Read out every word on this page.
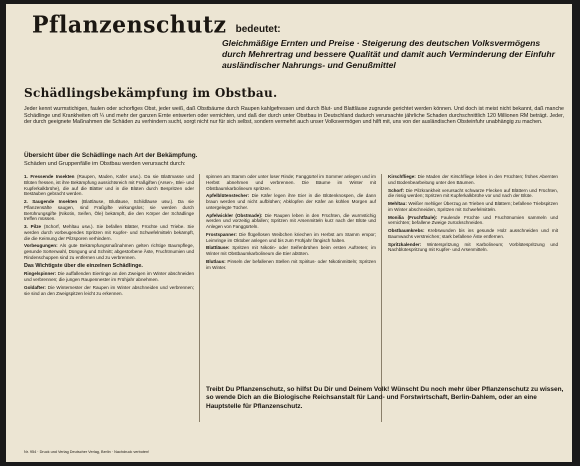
Pflanzenschutz bedeutet:
Gleichmäßige Ernten und Preise · Steigerung des deutschen Volksvermögens durch Mehrertrag und bessere Qualität und damit auch Verminderung der Einfuhr ausländischer Nahrungs- und Genußmittel
Schädlingsbekämpfung im Obstbau.
Jeder kennt wurmstichigen, faulen oder schorfiges Obst, jeder weiß, daß Obstbäume durch Raupen kahlgefressen und durch Blut- und Blattläuse zugrunde gerichtet werden können. Und doch ist meist nicht bekannt, daß manche Schädlinge und Krankheiten oft ¼ und mehr der ganzen Ernte entwerten oder vernichten, und daß der durch unter Obstbau in Deutschland dadurch verursachte jährliche Schaden durchschnittlich 120 Millionen RM beträgt. Jeder, der durch geeignete Maßnahmen die Schäden zu verhindern sucht, sorgt nicht nur für sich selbst, sondern vermehrt auch unser Volksvermögen und hilft mit, uns von der ausländischen Obsteinfuhr unabhängig zu machen.
Übersicht über die Schädlinge nach Art der Bekämpfung.
Schäden und Gruppenfälle im Obstbau werden verursacht durch:

1. Fressende Insekten (Raupen, Maden, Käfer usw.). Da sie Blattmasse und Blüten fressen, ist ihre Bekämpfung aussichtsreich mit Fraßgiften (Arsen-, Blei- und Kupferkalkbrühe), die auf die Blätter und in die Blüten durch Bespritzen oder Bestäuben gebracht werden.

2. Saugende Insekten (Blattläuse, Blutläuse, Schildläuse usw.). Da sie Pflanzensäfte saugen, sind Fraßgifte wirkungslos; sie werden durch Berührungsgifte (Nikotin, Seifen, Öle) bekämpft, die den Körper der Schädlinge treffen müssen.

3. Pilze (Schorf, Mehltau usw.). Sie befallen Blätter, Früchte und Triebe. Sie werden durch vorbeugendes Spritzen mit Kupfer- und Schwefelmitteln bekämpft, die die Keimung der Pilzsporen verhindern.

Vorbeugungen: Als gute Bekämpfungsmaßnahmen gelten richtige Baumpflege, gesunde Sortenwahl, Düngung und Schnitt; abgestorbene Äste, Fruchtmumien und Rindenschuppen sind zu entfernen und zu verbrennen.

Das Wichtigste über die einzelnen Schädlinge.

Ringelspinner: Die auffallenden Eierringe an den Zweigen im Winter abschneiden und verbrennen; die jungen Raupennester im Frühjahr abnehmen.

Goldafter: Die Winternester der Raupen im Winter abschneiden und verbrennen; sie sind an den Zweigspitzen leicht zu erkennen.

spinnen am Stamm oder unter loser Rinde; Fanggürtel im Sommer anlegen und im Herbst abnehmen und verbrennen. Die Bäume im Winter mit Obstbaumkarbolineum spritzen.

Apfelblütenstecher: Die Käfer legen ihre Eier in die Blütenknospen, die dann braun werden und nicht aufblühen; Abklopfen der Käfer an kühlen Morgen auf untergelegte Tücher.

Apfelwickler (Obstmade): Die Raupen leben in den Früchten, die wurmstichig werden und vorzeitig abfallen; Spritzen mit Arsenmitteln kurz nach der Blüte und Anlegen von Fanggürteln.

Frostspanner: Die flügellosen Weibchen kriechen im Herbst am Stamm empor; Leimringe im Oktober anlegen und bis zum Frühjahr fängisch halten.

Blattläuse: Spritzen mit Nikotin- oder Seifenbrühen beim ersten Auftreten; im Winter mit Obstbaumkarbolineum die Eier abtöten.

Blutlaus: Pinseln der befallenen Stellen mit Spiritus- oder Nikotinmitteln; Spritzen im Winter.

Kirschfliege: Die Maden der Kirschfliege leben in den Früchten; frühes Abernten und Bodenbearbeitung unter den Bäumen.

Schorf: Die Pilzkrankheit verursacht schwarze Flecken auf Blättern und Früchten, die rissig werden; Spritzen mit Kupferkalkbrühe vor und nach der Blüte.

Mehltau: Weißer mehliger Überzug an Trieben und Blättern; befallene Triebspitzen im Winter abschneiden, Spritzen mit Schwefelmitteln.

Monilia (Fruchtfäule): Faulende Früchte und Fruchtmumien sammeln und vernichten; befallene Zweige zurückschneiden.

Obstbaumkrebs: Krebswunden bis ins gesunde Holz ausschneiden und mit Baumwachs verstreichen; stark befallene Äste entfernen.

Spritzkalender: Winterspritzung mit Karbolineum; Vorblütespritzung und Nachblütespritzung mit Kupfer- und Arsenmitteln.

Treibt Du Pflanzenschutz, so hilfst Du Dir und Deinem Volk! Wünscht Du noch mehr über Pflanzenschutz zu wissen, so wende Dich an die Biologische Reichsanstalt für Land- und Forstwirtschaft, Berlin-Dahlem, oder an eine Hauptstelle für Pflanzenschutz.
Nr. 954 · Druck und Verlag Deutscher Verlag, Berlin · Nachdruck verboten!
